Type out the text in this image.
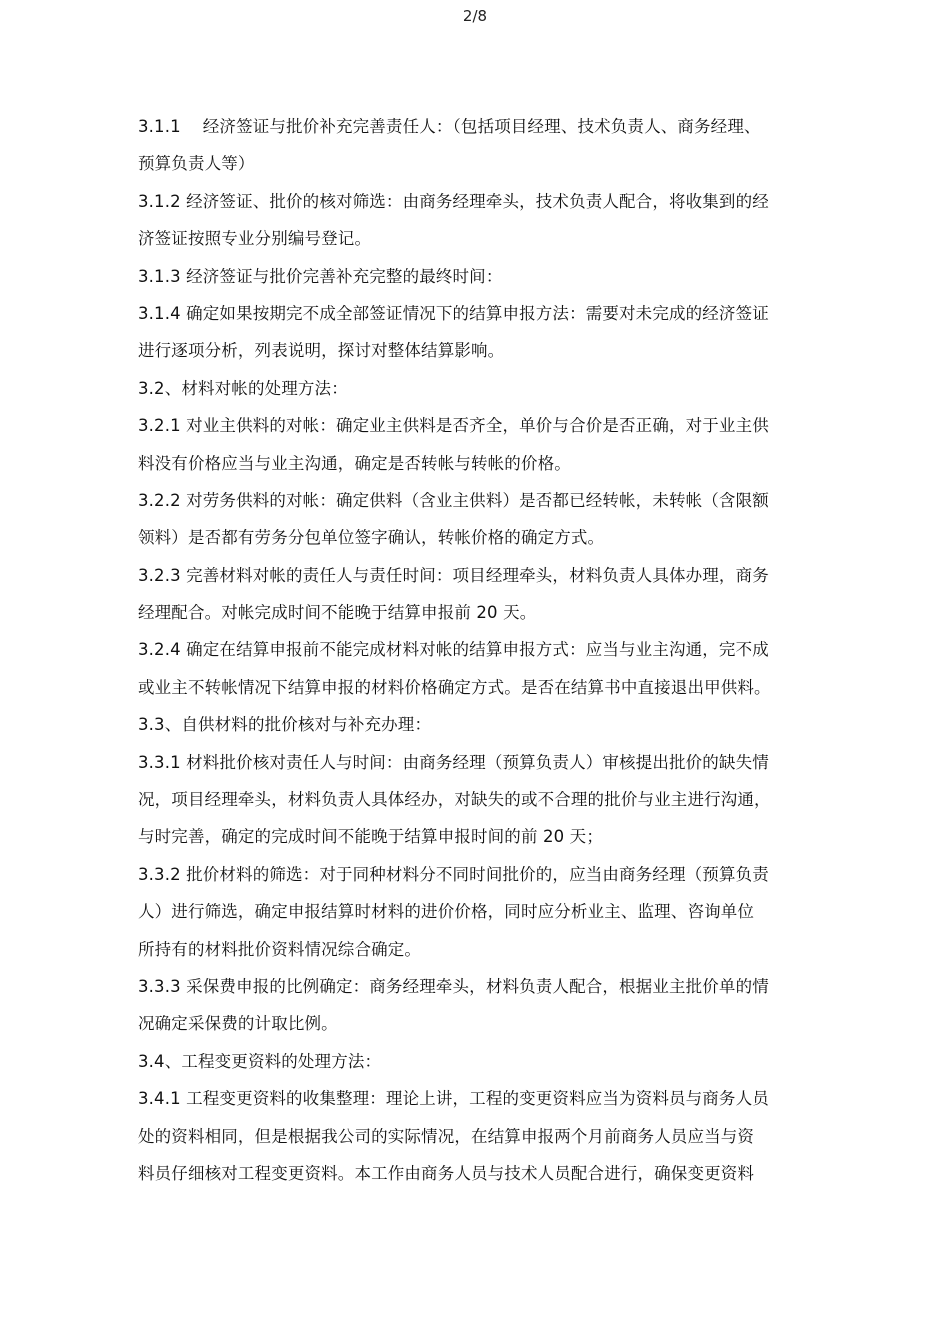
2/8
3.1.1　 经济签证与批价补充完善责任人：（包括项目经理、技术负责人、商务经理、
预算负责人等）
3.1.2 经济签证、批价的核对筛选：由商务经理牵头，技术负责人配合，将收集到的经
济签证按照专业分别编号登记。
3.1.3 经济签证与批价完善补充完整的最终时间：
3.1.4 确定如果按期完不成全部签证情况下的结算申报方法：需要对未完成的经济签证
进行逐项分析，列表说明，探讨对整体结算影响。
3.2、材料对帐的处理方法：
3.2.1 对业主供料的对帐：确定业主供料是否齐全，单价与合价是否正确，对于业主供
料没有价格应当与业主沟通，确定是否转帐与转帐的价格。
3.2.2 对劳务供料的对帐：确定供料（含业主供料）是否都已经转帐，未转帐（含限额
领料）是否都有劳务分包单位签字确认，转帐价格的确定方式。
3.2.3 完善材料对帐的责任人与责任时间：项目经理牵头，材料负责人具体办理，商务
经理配合。对帐完成时间不能晚于结算申报前 20 天。
3.2.4 确定在结算申报前不能完成材料对帐的结算申报方式：应当与业主沟通，完不成
或业主不转帐情况下结算申报的材料价格确定方式。是否在结算书中直接退出甲供料。
3.3、自供材料的批价核对与补充办理：
3.3.1 材料批价核对责任人与时间：由商务经理（预算负责人）审核提出批价的缺失情
况，项目经理牵头，材料负责人具体经办，对缺失的或不合理的批价与业主进行沟通，
与时完善，确定的完成时间不能晚于结算申报时间的前 20 天；
3.3.2 批价材料的筛选：对于同种材料分不同时间批价的，应当由商务经理（预算负责
人）进行筛选，确定申报结算时材料的进价价格，同时应分析业主、监理、咨询单位
所持有的材料批价资料情况综合确定。
3.3.3 采保费申报的比例确定：商务经理牵头，材料负责人配合，根据业主批价单的情
况确定采保费的计取比例。
3.4、工程变更资料的处理方法：
3.4.1 工程变更资料的收集整理：理论上讲，工程的变更资料应当为资料员与商务人员
处的资料相同，但是根据我公司的实际情况，在结算申报两个月前商务人员应当与资
料员仔细核对工程变更资料。本工作由商务人员与技术人员配合进行，确保变更资料
